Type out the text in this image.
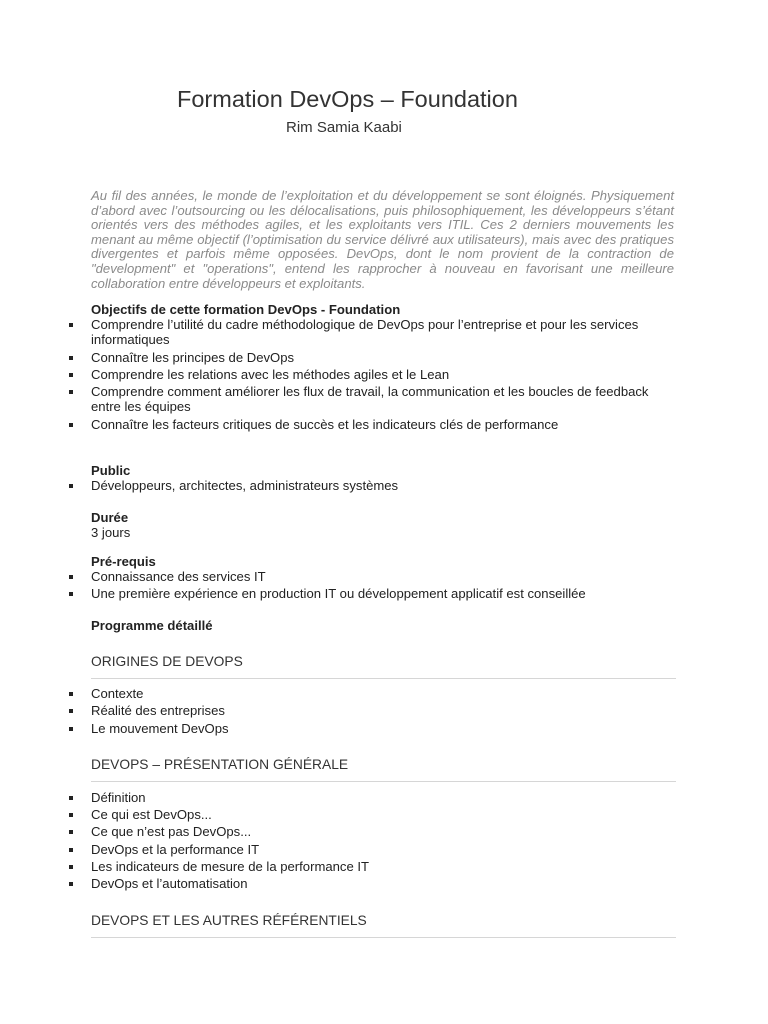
Formation DevOps – Foundation
Rim Samia Kaabi

Au fil des années, le monde de l’exploitation et du développement se sont éloignés. Physiquement d’abord avec l’outsourcing ou les délocalisations, puis philosophiquement, les développeurs s’étant orientés vers des méthodes agiles, et les exploitants vers ITIL. Ces 2 derniers mouvements les menant au même objectif (l’optimisation du service délivré aux utilisateurs), mais avec des pratiques divergentes et parfois même opposées. DevOps, dont le nom provient de la contraction de "development" et "operations", entend les rapprocher à nouveau en favorisant une meilleure collaboration entre développeurs et exploitants.

Objectifs de cette formation DevOps - Foundation
Comprendre l’utilité du cadre méthodologique de DevOps pour l’entreprise et pour les services informatiques
Connaître les principes de DevOps
Comprendre les relations avec les méthodes agiles et le Lean
Comprendre comment améliorer les flux de travail, la communication et les boucles de feedback entre les équipes
Connaître les facteurs critiques de succès et les indicateurs clés de performance
Public
Développeurs, architectes, administrateurs systèmes
Durée
3 jours
Pré-requis
Connaissance des services IT
Une première expérience en production IT ou développement applicatif est conseillée
Programme détaillé
ORIGINES DE DEVOPS
Contexte
Réalité des entreprises
Le mouvement DevOps
DEVOPS – PRÉSENTATION GÉNÉRALE
Définition
Ce qui est DevOps...
Ce que n’est pas DevOps...
DevOps et la performance IT
Les indicateurs de mesure de la performance IT
DevOps et l’automatisation
DEVOPS ET LES AUTRES RÉFÉRENTIELS
